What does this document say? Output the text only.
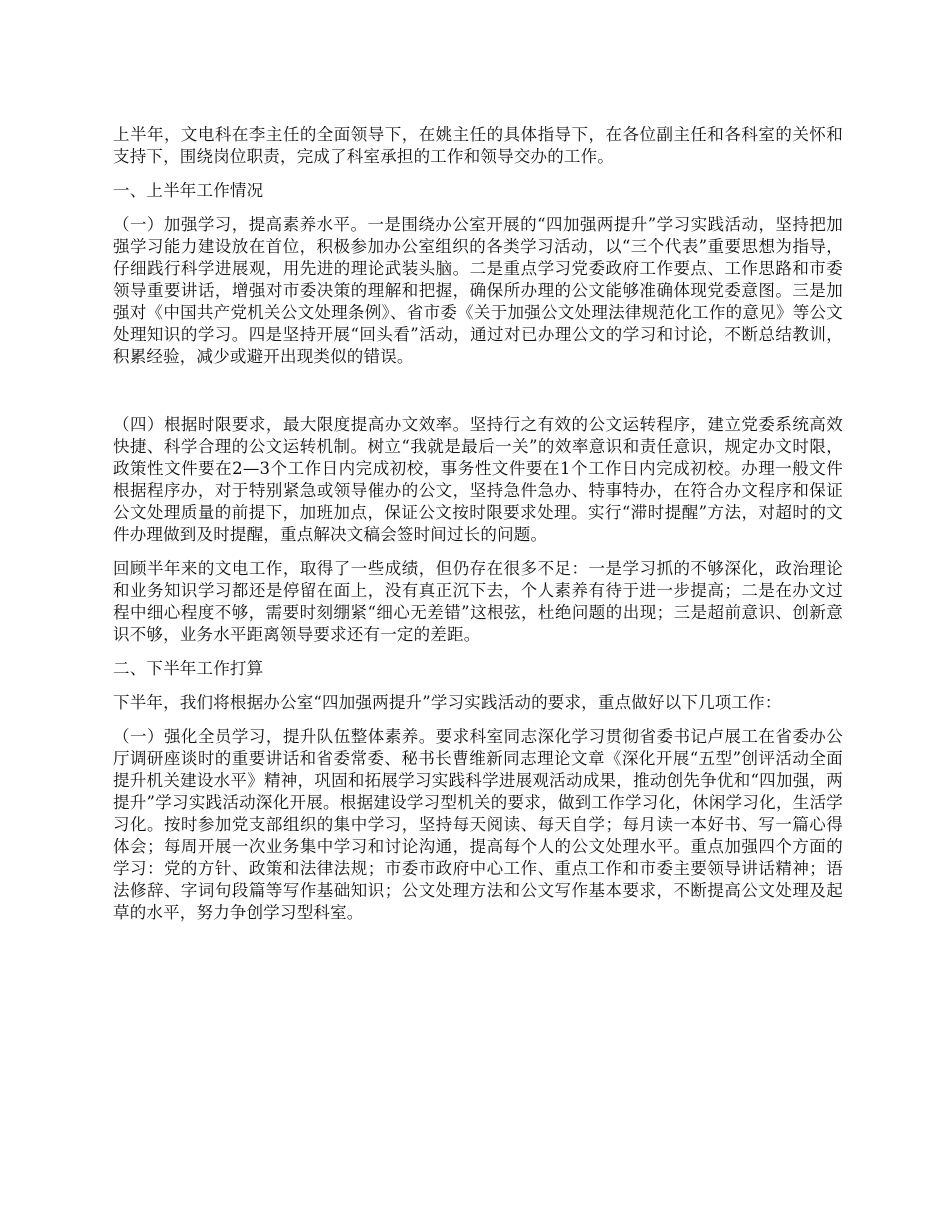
上半年，文电科在李主任的全面领导下，在姚主任的具体指导下，在各位副主任和各科室的关怀和支持下，围绕岗位职责，完成了科室承担的工作和领导交办的工作。

一、上半年工作情况

（一）加强学习，提高素养水平。一是围绕办公室开展的“四加强两提升”学习实践活动，坚持把加强学习能力建设放在首位，积极参加办公室组织的各类学习活动，以“三个代表”重要思想为指导，仔细践行科学进展观，用先进的理论武装头脑。二是重点学习党委政府工作要点、工作思路和市委领导重要讲话，增强对市委决策的理解和把握，确保所办理的公文能够准确体现党委意图。三是加强对《中国共产党机关公文处理条例》、省市委《关于加强公文处理法律规范化工作的意见》等公文处理知识的学习。四是坚持开展“回头看”活动，通过对已办理公文的学习和讨论，不断总结教训，积累经验，减少或避开出现类似的错误。

（四）根据时限要求，最大限度提高办文效率。坚持行之有效的公文运转程序，建立党委系统高效快捷、科学合理的公文运转机制。树立“我就是最后一关”的效率意识和责任意识，规定办文时限，政策性文件要在2—3个工作日内完成初校，事务性文件要在1个工作日内完成初校。办理一般文件根据程序办，对于特别紧急或领导催办的公文，坚持急件急办、特事特办，在符合办文程序和保证公文处理质量的前提下，加班加点，保证公文按时限要求处理。实行“滞时提醒”方法，对超时的文件办理做到及时提醒，重点解决文稿会签时间过长的问题。

回顾半年来的文电工作，取得了一些成绩，但仍存在很多不足：一是学习抓的不够深化，政治理论和业务知识学习都还是停留在面上，没有真正沉下去，个人素养有待于进一步提高；二是在办文过程中细心程度不够，需要时刻绷紧“细心无差错”这根弦，杜绝问题的出现；三是超前意识、创新意识不够，业务水平距离领导要求还有一定的差距。

二、下半年工作打算

下半年，我们将根据办公室“四加强两提升”学习实践活动的要求，重点做好以下几项工作：

（一）强化全员学习，提升队伍整体素养。要求科室同志深化学习贯彻省委书记卢展工在省委办公厅调研座谈时的重要讲话和省委常委、秘书长曹维新同志理论文章《深化开展“五型”创评活动全面提升机关建设水平》精神，巩固和拓展学习实践科学进展观活动成果，推动创先争优和“四加强，两提升”学习实践活动深化开展。根据建设学习型机关的要求，做到工作学习化，休闲学习化，生活学习化。按时参加党支部组织的集中学习，坚持每天阅读、每天自学；每月读一本好书、写一篇心得体会；每周开展一次业务集中学习和讨论沟通，提高每个人的公文处理水平。重点加强四个方面的学习：党的方针、政策和法律法规；市委市政府中心工作、重点工作和市委主要领导讲话精神；语法修辞、字词句段篇等写作基础知识；公文处理方法和公文写作基本要求，不断提高公文处理及起草的水平，努力争创学习型科室。
